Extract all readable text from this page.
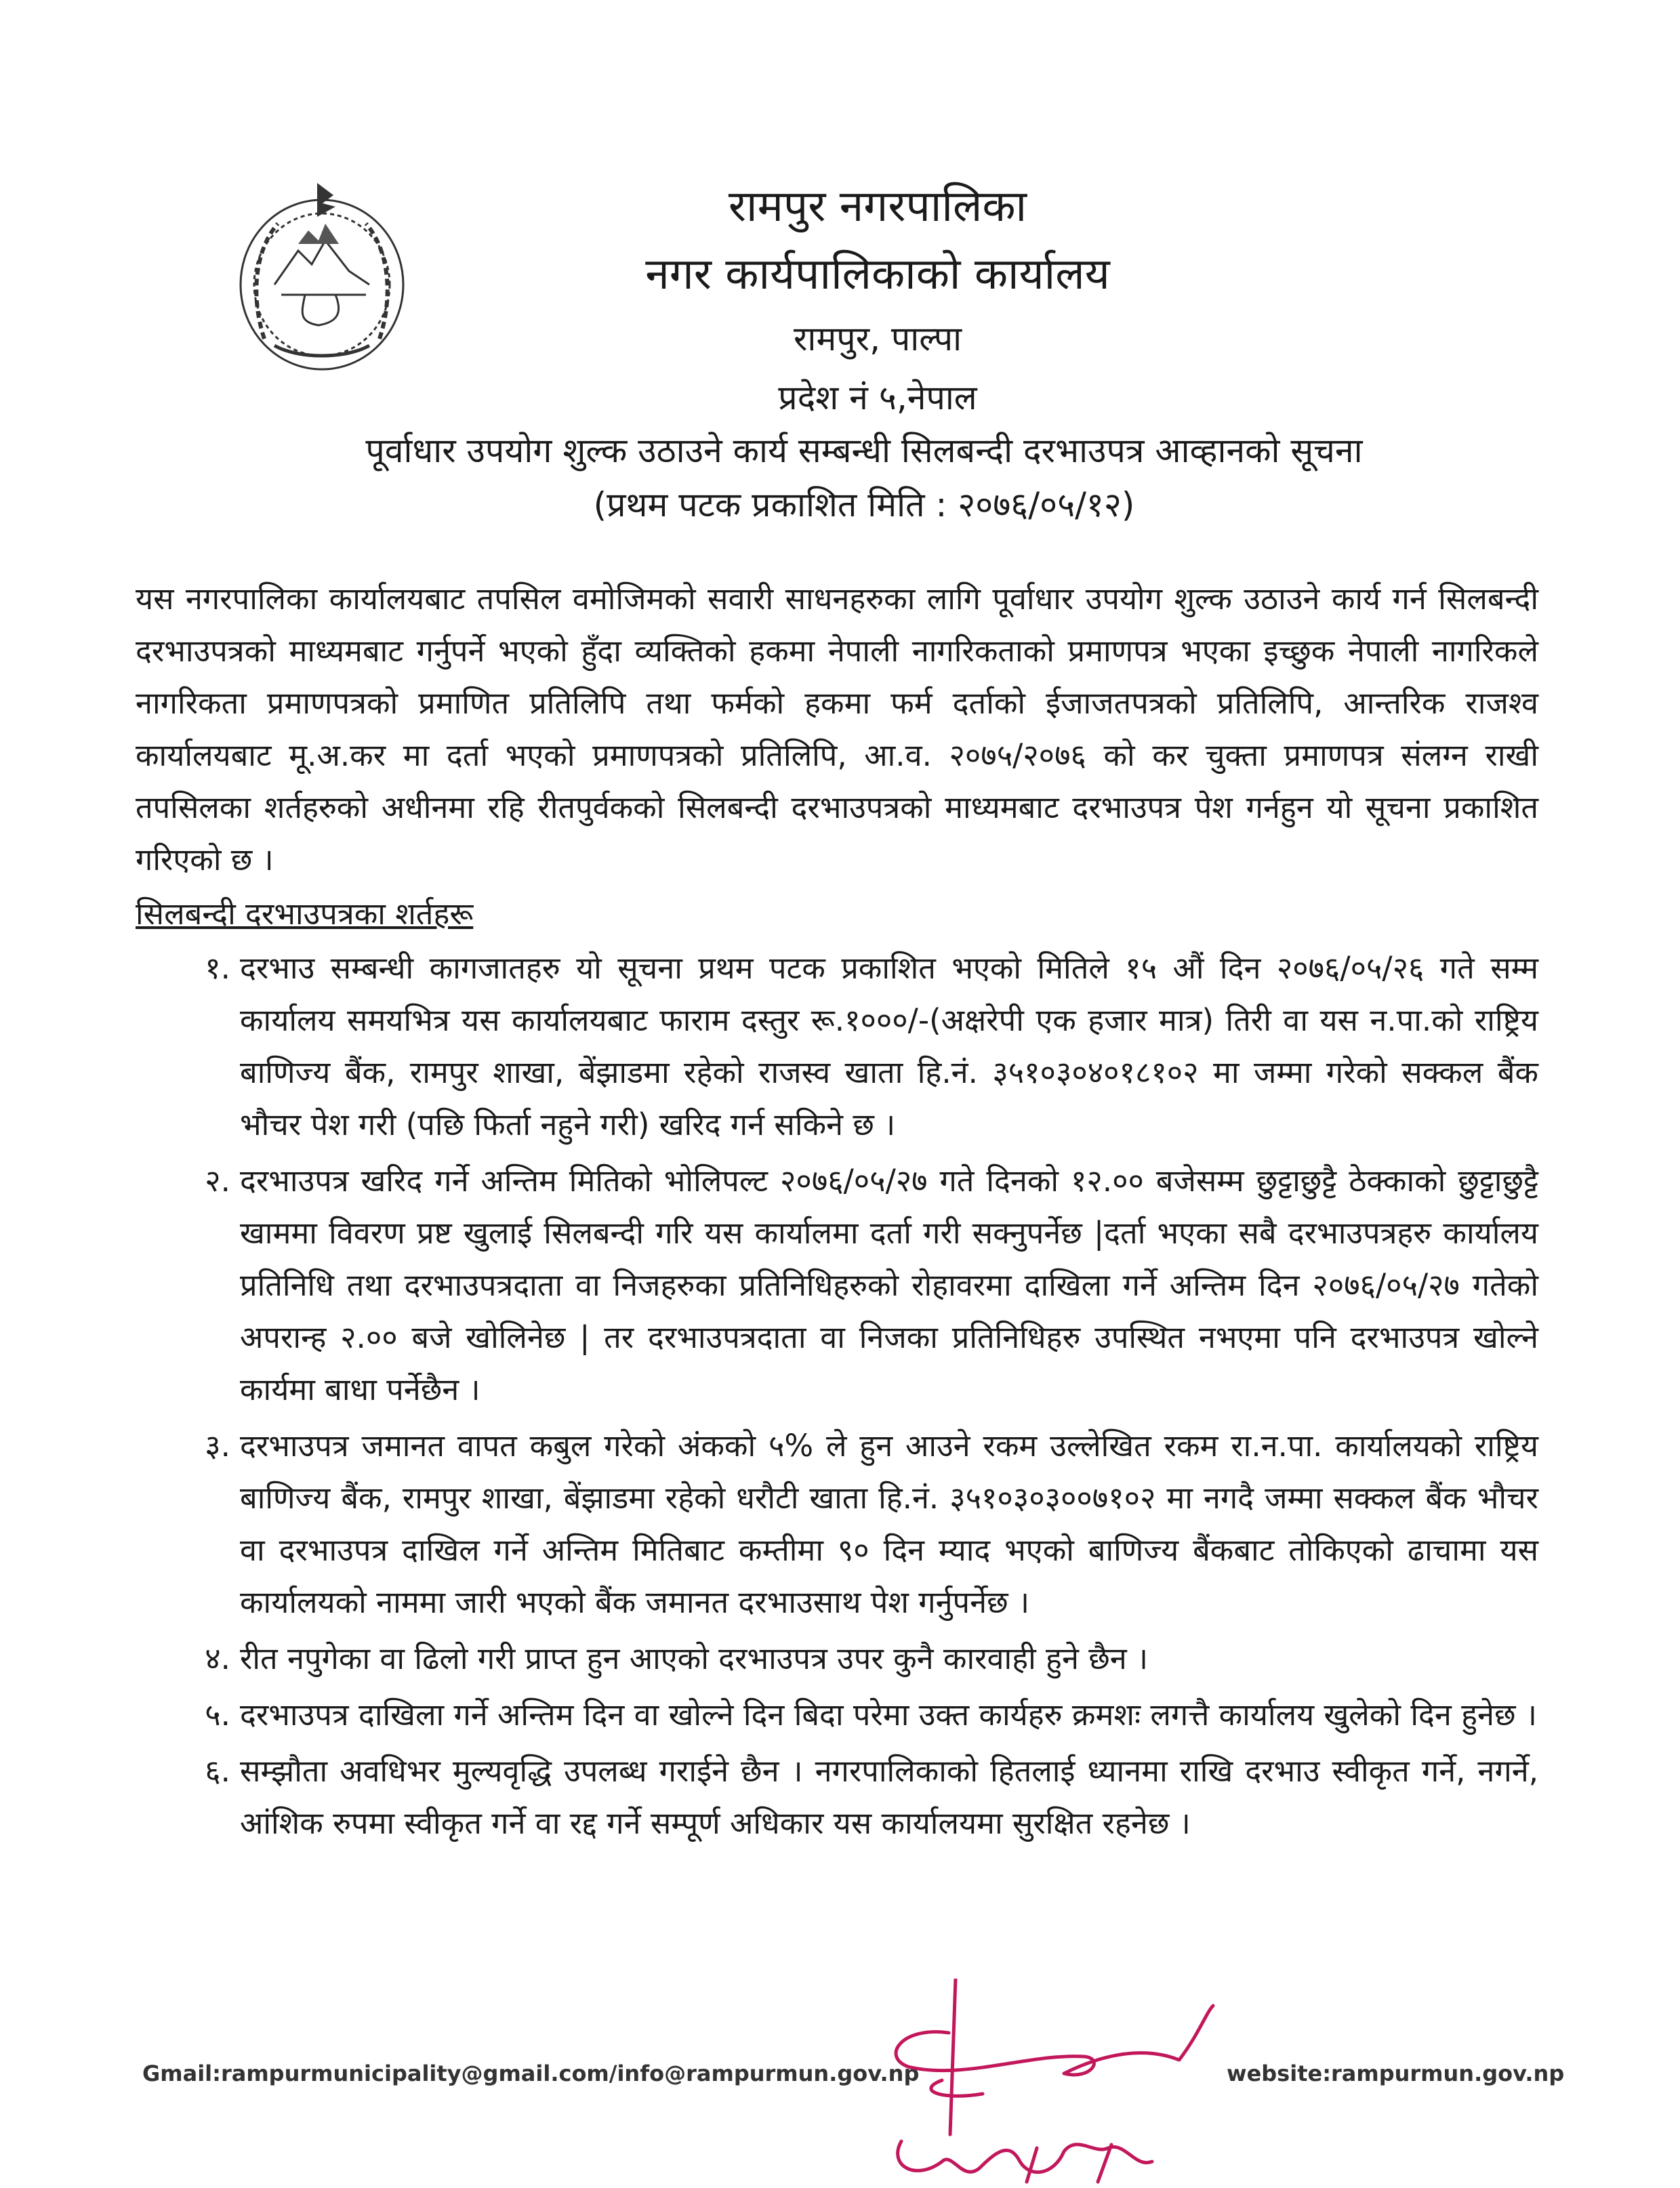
रामपुर नगरपालिका
नगर कार्यपालिकाको कार्यालय
रामपुर, पाल्पा
प्रदेश नं ५,नेपाल
पूर्वाधार उपयोग शुल्क उठाउने कार्य सम्बन्धी सिलबन्दी दरभाउपत्र आव्हानको सूचना
(प्रथम पटक प्रकाशित मिति : २०७६/०५/१२)

यस नगरपालिका कार्यालयबाट तपसिल वमोजिमको सवारी साधनहरुका लागि पूर्वाधार उपयोग शुल्क उठाउने कार्य गर्न सिलबन्दी दरभाउपत्रको माध्यमबाट गर्नुपर्ने भएको हुँदा व्यक्तिको हकमा नेपाली नागरिकताको प्रमाणपत्र भएका इच्छुक नेपाली नागरिकले नागरिकता प्रमाणपत्रको प्रमाणित प्रतिलिपि तथा फर्मको हकमा फर्म दर्ताको ईजाजतपत्रको प्रतिलिपि, आन्तरिक राजश्व कार्यालयबाट मू.अ.कर मा दर्ता भएको प्रमाणपत्रको प्रतिलिपि, आ.व. २०७५/२०७६ को कर चुक्ता प्रमाणपत्र संलग्न राखी तपसिलका शर्तहरुको अधीनमा रहि रीतपुर्वकको सिलबन्दी दरभाउपत्रको माध्यमबाट दरभाउपत्र पेश गर्नहुन यो सूचना प्रकाशित गरिएको छ ।

सिलबन्दी दरभाउपत्रका शर्तहरू
१. दरभाउ सम्बन्धी कागजातहरु यो सूचना प्रथम पटक प्रकाशित भएको मितिले १५ औं दिन २०७६/०५/२६ गते सम्म कार्यालय समयभित्र यस कार्यालयबाट फाराम दस्तुर रू.१०००/-(अक्षरेपी एक हजार मात्र) तिरी वा यस न.पा.को राष्ट्रिय बाणिज्य बैंक, रामपुर शाखा, बेंझाडमा रहेको राजस्व खाता हि.नं. ३५१०३०४०१८१०२ मा जम्मा गरेको सक्कल बैंक भौचर पेश गरी (पछि फिर्ता नहुने गरी) खरिद गर्न सकिने छ ।
२. दरभाउपत्र खरिद गर्ने अन्तिम मितिको भोलिपल्ट २०७६/०५/२७ गते दिनको १२.०० बजेसम्म छुट्टाछुट्टै ठेक्काको छुट्टाछुट्टै खाममा विवरण प्रष्ट खुलाई सिलबन्दी गरि यस कार्यालमा दर्ता गरी सक्नुपर्नेछ |दर्ता भएका सबै दरभाउपत्रहरु कार्यालय प्रतिनिधि तथा दरभाउपत्रदाता वा निजहरुका प्रतिनिधिहरुको रोहावरमा दाखिला गर्ने अन्तिम दिन २०७६/०५/२७ गतेको अपरान्ह २.०० बजे खोलिनेछ | तर दरभाउपत्रदाता वा निजका प्रतिनिधिहरु उपस्थित नभएमा पनि दरभाउपत्र खोल्ने कार्यमा बाधा पर्नेछैन ।
३. दरभाउपत्र जमानत वापत कबुल गरेको अंकको ५% ले हुन आउने रकम उल्लेखित रकम रा.न.पा. कार्यालयको राष्ट्रिय बाणिज्य बैंक, रामपुर शाखा, बेंझाडमा रहेको धरौटी खाता हि.नं. ३५१०३०३००७१०२ मा नगदै जम्मा सक्कल बैंक भौचर वा दरभाउपत्र दाखिल गर्ने अन्तिम मितिबाट कम्तीमा ९० दिन म्याद भएको बाणिज्य बैंकबाट तोकिएको ढाचामा यस कार्यालयको नाममा जारी भएको बैंक जमानत दरभाउसाथ पेश गर्नुपर्नेछ ।
४. रीत नपुगेका वा ढिलो गरी प्राप्त हुन आएको दरभाउपत्र उपर कुनै कारवाही हुने छैन ।
५. दरभाउपत्र दाखिला गर्ने अन्तिम दिन वा खोल्ने दिन बिदा परेमा उक्त कार्यहरु क्रमशः लगत्तै कार्यालय खुलेको दिन हुनेछ ।
६. सम्झौता अवधिभर मुल्यवृद्धि उपलब्ध गराईने छैन । नगरपालिकाको हितलाई ध्यानमा राखि दरभाउ स्वीकृत गर्ने, नगर्ने, आंशिक रुपमा स्वीकृत गर्ने वा रद्द गर्ने सम्पूर्ण अधिकार यस कार्यालयमा सुरक्षित रहनेछ ।
Gmail:rampurmunicipality@gmail.com/info@rampurmun.gov.np	website:rampurmun.gov.np
